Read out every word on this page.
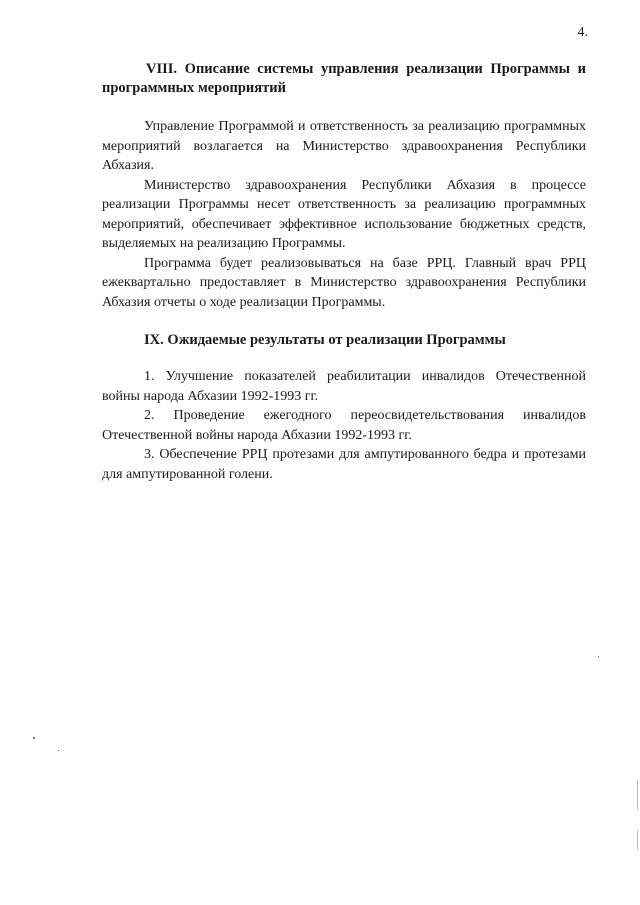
4.

VIII. Описание системы управления реализации Программы и программных мероприятий

Управление Программой и ответственность за реализацию программных мероприятий возлагается на Министерство здравоохранения Республики Абхазия.

Министерство здравоохранения Республики Абхазия в процессе реализации Программы несет ответственность за реализацию программных мероприятий, обеспечивает эффективное использование бюджетных средств, выделяемых на реализацию Программы.

Программа будет реализовываться на базе РРЦ. Главный врач РРЦ ежеквартально предоставляет в Министерство здравоохранения Республики Абхазия отчеты о ходе реализации Программы.

IX. Ожидаемые результаты от реализации Программы

1. Улучшение показателей реабилитации инвалидов Отечественной войны народа Абхазии 1992-1993 гг.

2. Проведение ежегодного переосвидетельствования инвалидов Отечественной войны народа Абхазии 1992-1993 гг.

3. Обеспечение РРЦ протезами для ампутированного бедра и протезами для ампутированной голени.
